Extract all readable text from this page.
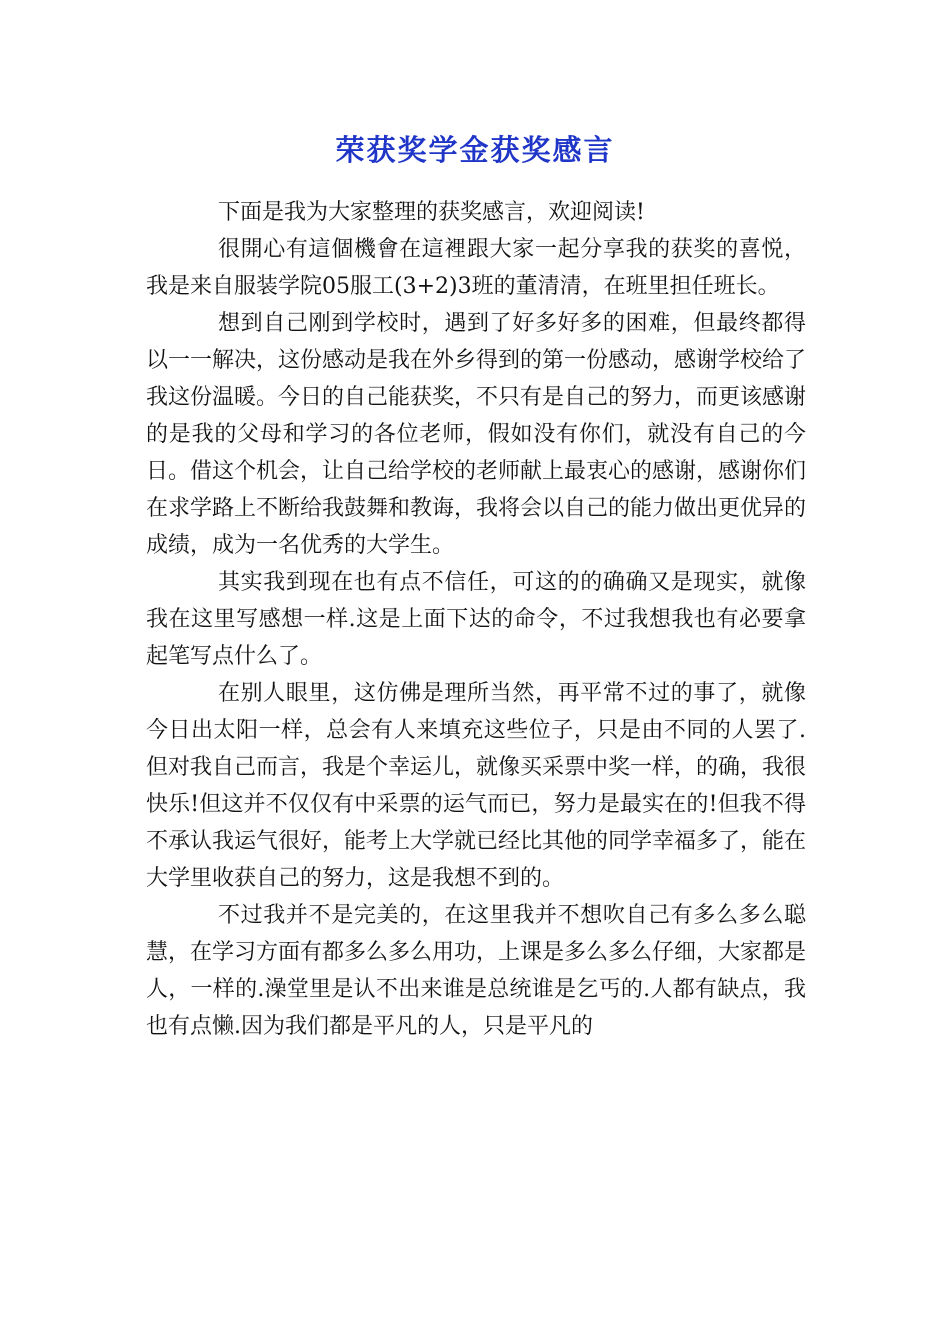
荣获奖学金获奖感言

下面是我为大家整理的获奖感言，欢迎阅读!

很開心有這個機會在這裡跟大家一起分享我的获奖的喜悦，我是来自服装学院05服工(3+2)3班的董清清，在班里担任班长。

想到自己刚到学校时，遇到了好多好多的困难，但最终都得以一一解决，这份感动是我在外乡得到的第一份感动，感谢学校给了我这份温暖。今日的自己能获奖，不只有是自己的努力，而更该感谢的是我的父母和学习的各位老师，假如没有你们，就没有自己的今日。借这个机会，让自己给学校的老师献上最衷心的感谢，感谢你们在求学路上不断给我鼓舞和教诲，我将会以自己的能力做出更优异的成绩，成为一名优秀的大学生。

其实我到现在也有点不信任，可这的的确确又是现实，就像我在这里写感想一样.这是上面下达的命令，不过我想我也有必要拿起笔写点什么了。

在别人眼里，这仿佛是理所当然，再平常不过的事了，就像今日出太阳一样，总会有人来填充这些位子，只是由不同的人罢了.但对我自己而言，我是个幸运儿，就像买采票中奖一样，的确，我很快乐!但这并不仅仅有中采票的运气而已，努力是最实在的!但我不得不承认我运气很好，能考上大学就已经比其他的同学幸福多了，能在大学里收获自己的努力，这是我想不到的。

不过我并不是完美的，在这里我并不想吹自己有多么多么聪慧，在学习方面有都多么多么用功，上课是多么多么仔细，大家都是人，一样的.澡堂里是认不出来谁是总统谁是乞丐的.人都有缺点，我也有点懒.因为我们都是平凡的人，只是平凡的
